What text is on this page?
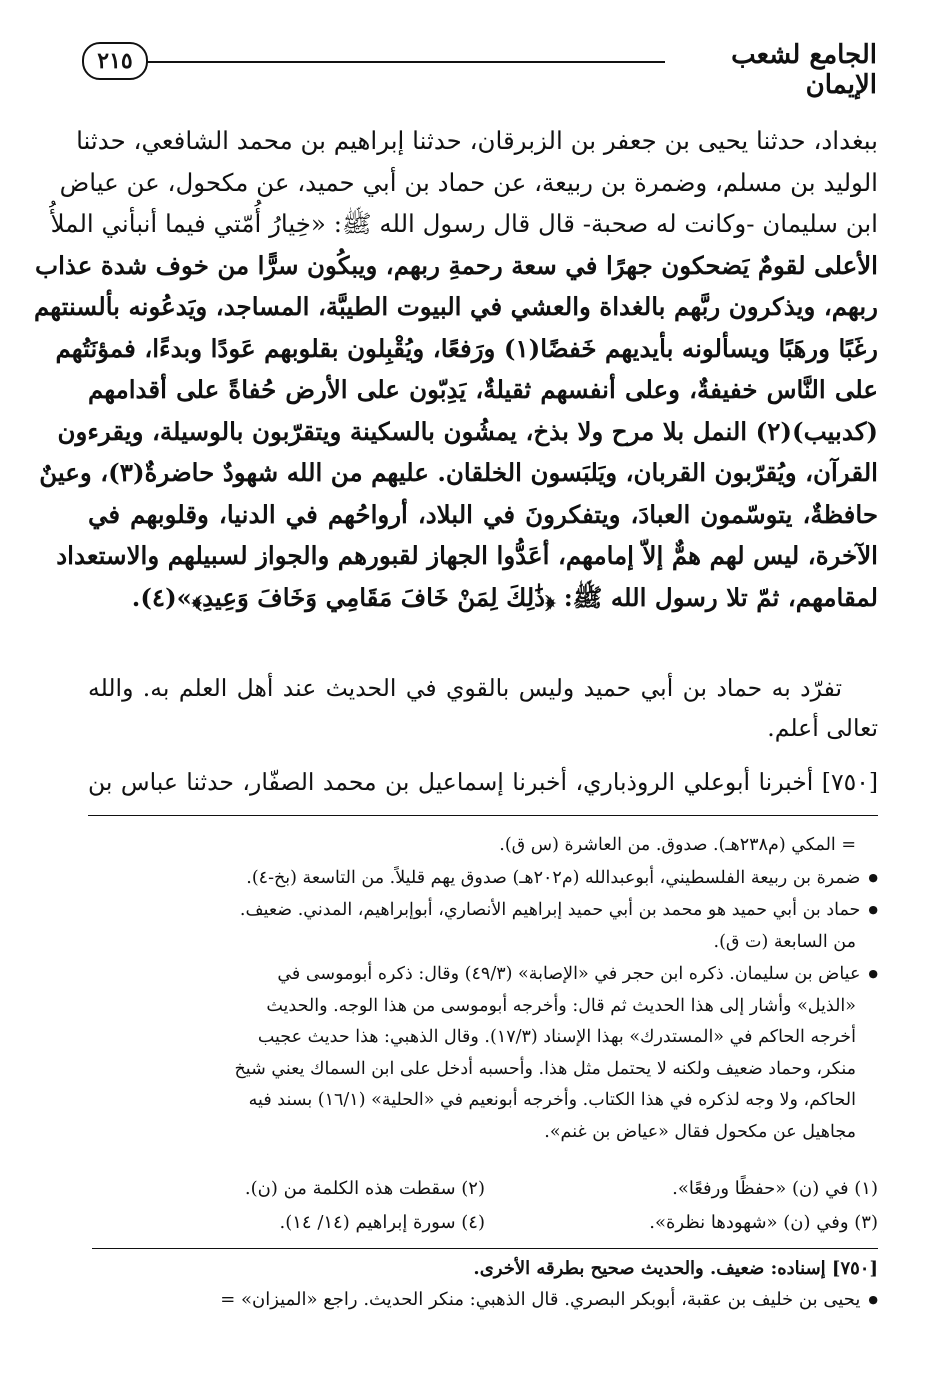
٢١٥	الجامع لشعب الإيمان
ببغداد، حدثنا يحيى بن جعفر بن الزبرقان، حدثنا إبراهيم بن محمد الشافعي، حدثنا
الوليد بن مسلم، وضمرة بن ربيعة، عن حماد بن أبي حميد، عن مكحول، عن عياض
ابن سليمان -وكانت له صحبة- قال قال رسول الله ﷺ: «خِيارُ أُمّتي فيما أنبأني الملأُ
الأعلى لقومٌ يَضحكون جهرًا في سعة رحمةِ ربهم، ويبكُون سرًّا من خوف شدة عذاب
ربهم، ويذكرون ربَّهم بالغداة والعشي في البيوت الطيبَّة، المساجد، ويَدعُونه بألسنتهم
رغَبًا ورهَبًا ويسألونه بأيديهم خَفضًا(١) ورَفعًا، ويُقْبِلون بقلوبهم عَودًا وبدءًا، فمؤنَتُهم
على النَّاس خفيفةٌ، وعلى أنفسهم ثقيلةٌ، يَدِبّون على الأرض حُفاةً على أقدامهم
(كدبيب)(٢) النمل بلا مرح ولا بذخ، يمشُون بالسكينة ويتقرّبون بالوسيلة، ويقرءون
القرآن، ويُقرّبون القربان، ويَلبَسون الخلقان. عليهم من الله شهودٌ حاضرةٌ(٣)، وعينٌ
حافظةٌ، يتوسّمون العبادَ، ويتفكرونَ في البلاد، أرواحُهم في الدنيا، وقلوبهم في
الآخرة، ليس لهم همٌّ إلاّ إمامهم، أعَدُّوا الجهاز لقبورهم والجواز لسبيلهم والاستعداد
لمقامهم، ثمّ تلا رسول الله ﷺ: ﴿ذَٰلِكَ لِمَنْ خَافَ مَقَامِي وَخَافَ وَعِيدِ﴾»(٤).
تفرّد به حماد بن أبي حميد وليس بالقوي في الحديث عند أهل العلم به. والله
تعالى أعلم.
[٧٥٠] أخبرنا أبوعلي الروذباري، أخبرنا إسماعيل بن محمد الصفّار، حدثنا عباس بن
= المكي (م٢٣٨هـ). صدوق. من العاشرة (س ق).
● ضمرة بن ربيعة الفلسطيني، أبوعبدالله (م٢٠٢هـ) صدوق يهم قليلاً. من التاسعة (بخ-٤).
● حماد بن أبي حميد هو محمد بن أبي حميد إبراهيم الأنصاري، أبوإبراهيم، المدني. ضعيف.
من السابعة (ت ق).
● عياض بن سليمان. ذكره ابن حجر في «الإصابة» (٤٩/٣) وقال: ذكره أبوموسى في
«الذيل» وأشار إلى هذا الحديث ثم قال: وأخرجه أبوموسى من هذا الوجه. والحديث
أخرجه الحاكم في «المستدرك» بهذا الإسناد (١٧/٣). وقال الذهبي: هذا حديث عجيب
منكر، وحماد ضعيف ولكنه لا يحتمل مثل هذا. وأحسبه أدخل على ابن السماك يعني شيخ
الحاكم، ولا وجه لذكره في هذا الكتاب. وأخرجه أبونعيم في «الحلية» (١٦/١) بسند فيه
مجاهيل عن مكحول فقال «عياض بن غنم».
(١) في (ن) «حفظًا ورفعًا».
(٢) سقطت هذه الكلمة من (ن).
(٣) وفي (ن) «شهودها نظرة».
(٤) سورة إبراهيم (١٤/ ١٤).
[٧٥٠] إسناده: ضعيف. والحديث صحيح بطرقه الأخرى.
● يحيى بن خليف بن عقبة، أبوبكر البصري. قال الذهبي: منكر الحديث. راجع «الميزان» =
